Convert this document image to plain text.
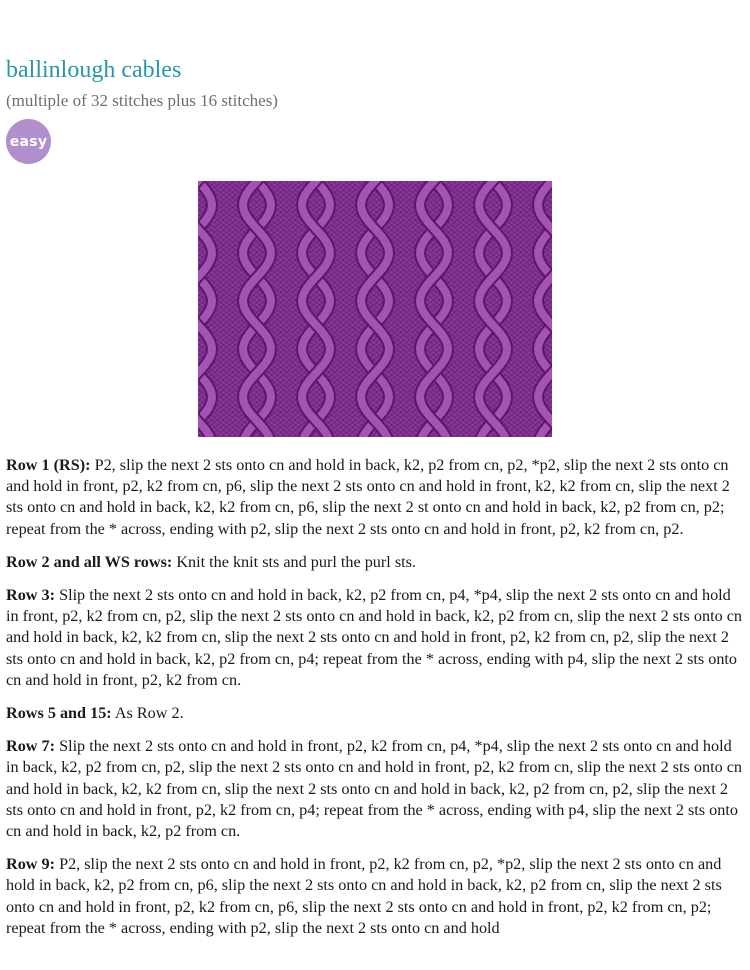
ballinlough cables

(multiple of 32 stitches plus 16 stitches)

easy

Row 1 (RS): P2, slip the next 2 sts onto cn and hold in back, k2, p2 from cn, p2, *p2, slip the next 2 sts onto cn and hold in front, p2, k2 from cn, p6, slip the next 2 sts onto cn and hold in front, k2, k2 from cn, slip the next 2 sts onto cn and hold in back, k2, k2 from cn, p6, slip the next 2 st onto cn and hold in back, k2, p2 from cn, p2; repeat from the * across, ending with p2, slip the next 2 sts onto cn and hold in front, p2, k2 from cn, p2.

Row 2 and all WS rows: Knit the knit sts and purl the purl sts.

Row 3: Slip the next 2 sts onto cn and hold in back, k2, p2 from cn, p4, *p4, slip the next 2 sts onto cn and hold in front, p2, k2 from cn, p2, slip the next 2 sts onto cn and hold in back, k2, p2 from cn, slip the next 2 sts onto cn and hold in back, k2, k2 from cn, slip the next 2 sts onto cn and hold in front, p2, k2 from cn, p2, slip the next 2 sts onto cn and hold in back, k2, p2 from cn, p4; repeat from the * across, ending with p4, slip the next 2 sts onto cn and hold in front, p2, k2 from cn.

Rows 5 and 15: As Row 2.

Row 7: Slip the next 2 sts onto cn and hold in front, p2, k2 from cn, p4, *p4, slip the next 2 sts onto cn and hold in back, k2, p2 from cn, p2, slip the next 2 sts onto cn and hold in front, p2, k2 from cn, slip the next 2 sts onto cn and hold in back, k2, k2 from cn, slip the next 2 sts onto cn and hold in back, k2, p2 from cn, p2, slip the next 2 sts onto cn and hold in front, p2, k2 from cn, p4; repeat from the * across, ending with p4, slip the next 2 sts onto cn and hold in back, k2, p2 from cn.

Row 9: P2, slip the next 2 sts onto cn and hold in front, p2, k2 from cn, p2, *p2, slip the next 2 sts onto cn and hold in back, k2, p2 from cn, p6, slip the next 2 sts onto cn and hold in back, k2, p2 from cn, slip the next 2 sts onto cn and hold in front, p2, k2 from cn, p6, slip the next 2 sts onto cn and hold in front, p2, k2 from cn, p2; repeat from the * across, ending with p2, slip the next 2 sts onto cn and hold
